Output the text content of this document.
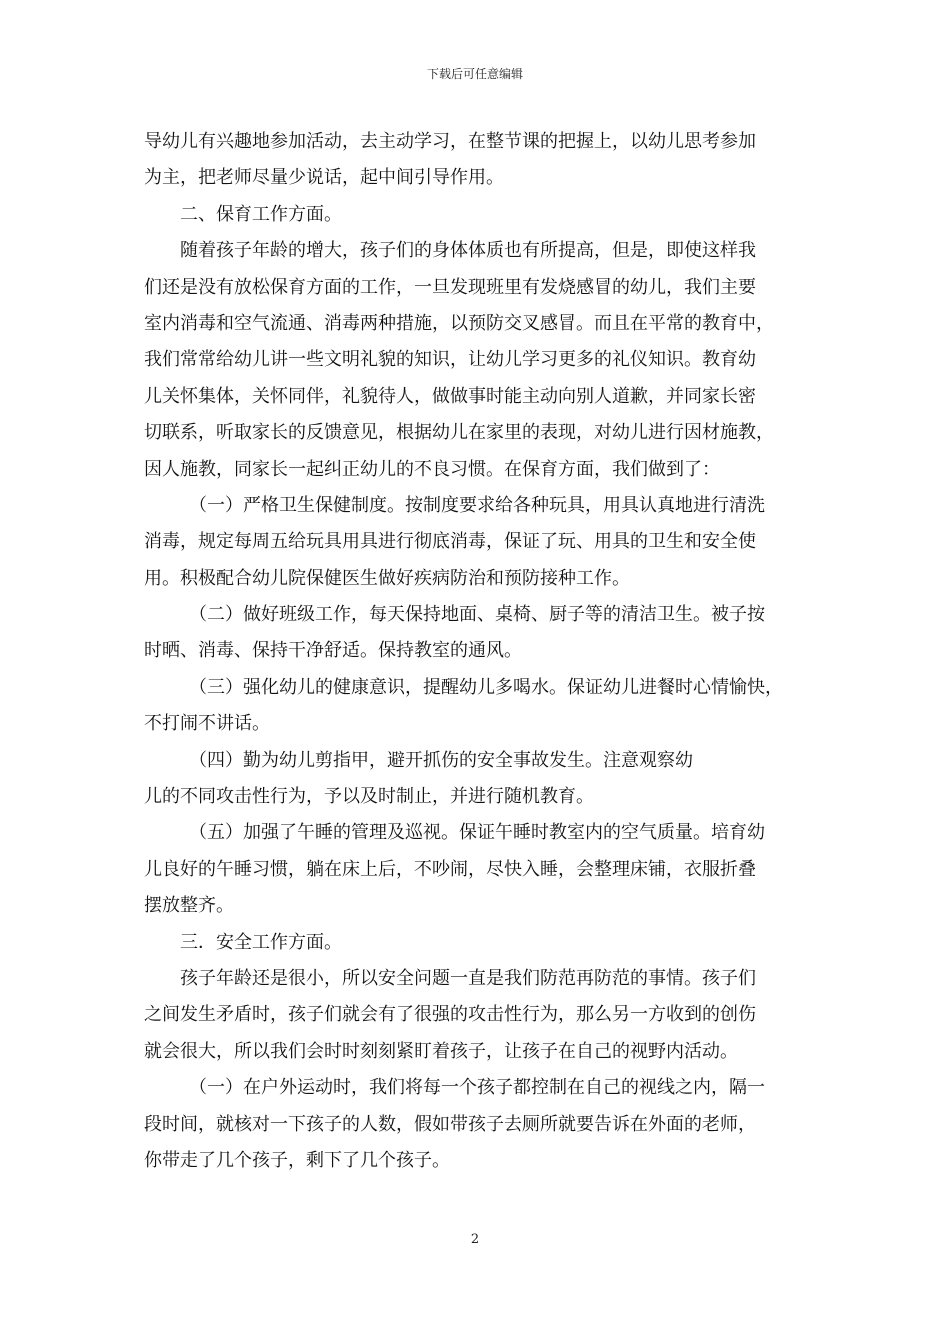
下载后可任意编辑
导幼儿有兴趣地参加活动，去主动学习，在整节课的把握上，以幼儿思考参加
为主，把老师尽量少说话，起中间引导作用。
二、保育工作方面。
随着孩子年龄的增大，孩子们的身体体质也有所提高，但是，即使这样我
们还是没有放松保育方面的工作，一旦发现班里有发烧感冒的幼儿，我们主要
室内消毒和空气流通、消毒两种措施，以预防交叉感冒。而且在平常的教育中，
我们常常给幼儿讲一些文明礼貌的知识，让幼儿学习更多的礼仪知识。教育幼
儿关怀集体，关怀同伴，礼貌待人，做做事时能主动向别人道歉，并同家长密
切联系，听取家长的反馈意见，根据幼儿在家里的表现，对幼儿进行因材施教，
因人施教，同家长一起纠正幼儿的不良习惯。在保育方面，我们做到了：
（一）严格卫生保健制度。按制度要求给各种玩具，用具认真地进行清洗
消毒，规定每周五给玩具用具进行彻底消毒，保证了玩、用具的卫生和安全使
用。积极配合幼儿院保健医生做好疾病防治和预防接种工作。
（二）做好班级工作，每天保持地面、桌椅、厨子等的清洁卫生。被子按
时晒、消毒、保持干净舒适。保持教室的通风。
（三）强化幼儿的健康意识，提醒幼儿多喝水。保证幼儿进餐时心情愉快，
不打闹不讲话。
（四）勤为幼儿剪指甲，避开抓伤的安全事故发生。注意观察幼
儿的不同攻击性行为，予以及时制止，并进行随机教育。
（五）加强了午睡的管理及巡视。保证午睡时教室内的空气质量。培育幼
儿良好的午睡习惯，躺在床上后，不吵闹，尽快入睡，会整理床铺，衣服折叠
摆放整齐。
三．安全工作方面。
孩子年龄还是很小，所以安全问题一直是我们防范再防范的事情。孩子们
之间发生矛盾时，孩子们就会有了很强的攻击性行为，那么另一方收到的创伤
就会很大，所以我们会时时刻刻紧盯着孩子，让孩子在自己的视野内活动。
（一）在户外运动时，我们将每一个孩子都控制在自己的视线之内，隔一
段时间，就核对一下孩子的人数，假如带孩子去厕所就要告诉在外面的老师，
你带走了几个孩子，剩下了几个孩子。
2
